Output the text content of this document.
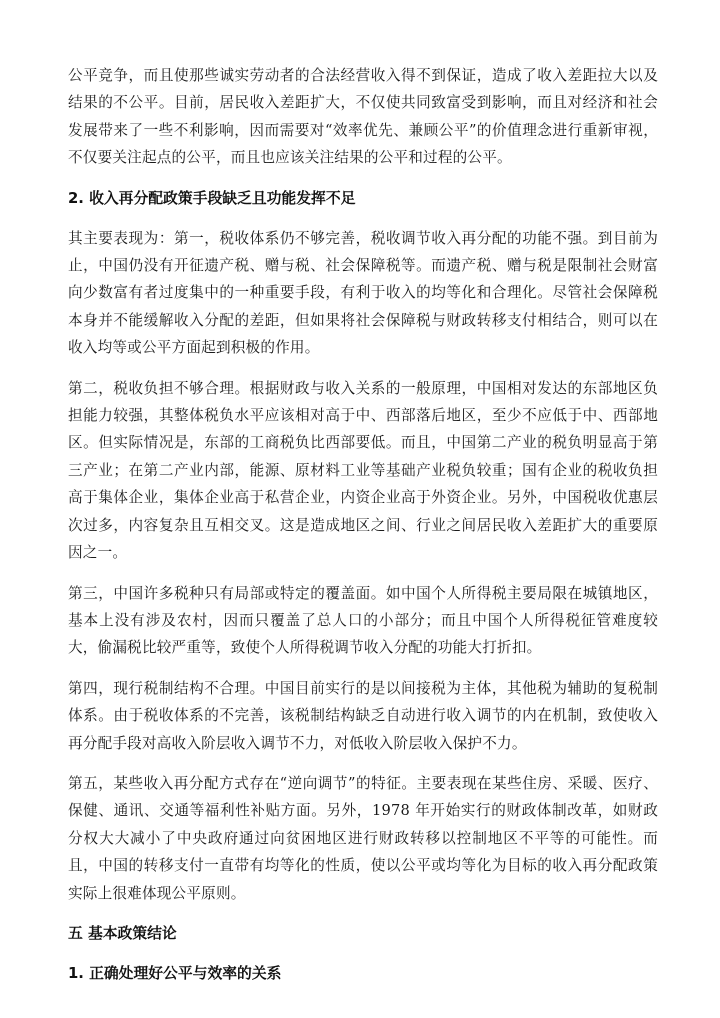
公平竞争，而且使那些诚实劳动者的合法经营收入得不到保证，造成了收入差距拉大以及结果的不公平。目前，居民收入差距扩大，不仅使共同致富受到影响，而且对经济和社会发展带来了一些不利影响，因而需要对“效率优先、兼顾公平”的价值理念进行重新审视，不仅要关注起点的公平，而且也应该关注结果的公平和过程的公平。

2. 收入再分配政策手段缺乏且功能发挥不足

其主要表现为：第一，税收体系仍不够完善，税收调节收入再分配的功能不强。到目前为止，中国仍没有开征遗产税、赠与税、社会保障税等。而遗产税、赠与税是限制社会财富向少数富有者过度集中的一种重要手段，有利于收入的均等化和合理化。尽管社会保障税本身并不能缓解收入分配的差距，但如果将社会保障税与财政转移支付相结合，则可以在收入均等或公平方面起到积极的作用。

第二，税收负担不够合理。根据财政与收入关系的一般原理，中国相对发达的东部地区负担能力较强，其整体税负水平应该相对高于中、西部落后地区，至少不应低于中、西部地区。但实际情况是，东部的工商税负比西部要低。而且，中国第二产业的税负明显高于第三产业；在第二产业内部，能源、原材料工业等基础产业税负较重；国有企业的税收负担高于集体企业，集体企业高于私营企业，内资企业高于外资企业。另外，中国税收优惠层次过多，内容复杂且互相交叉。这是造成地区之间、行业之间居民收入差距扩大的重要原因之一。

第三，中国许多税种只有局部或特定的覆盖面。如中国个人所得税主要局限在城镇地区，基本上没有涉及农村，因而只覆盖了总人口的小部分；而且中国个人所得税征管难度较大，偷漏税比较严重等，致使个人所得税调节收入分配的功能大打折扣。

第四，现行税制结构不合理。中国目前实行的是以间接税为主体，其他税为辅助的复税制体系。由于税收体系的不完善，该税制结构缺乏自动进行收入调节的内在机制，致使收入再分配手段对高收入阶层收入调节不力，对低收入阶层收入保护不力。

第五，某些收入再分配方式存在“逆向调节”的特征。主要表现在某些住房、采暖、医疗、保健、通讯、交通等福利性补贴方面。另外，1978 年开始实行的财政体制改革，如财政分权大大减小了中央政府通过向贫困地区进行财政转移以控制地区不平等的可能性。而且，中国的转移支付一直带有均等化的性质，使以公平或均等化为目标的收入再分配政策实际上很难体现公平原则。

五 基本政策结论
1. 正确处理好公平与效率的关系
